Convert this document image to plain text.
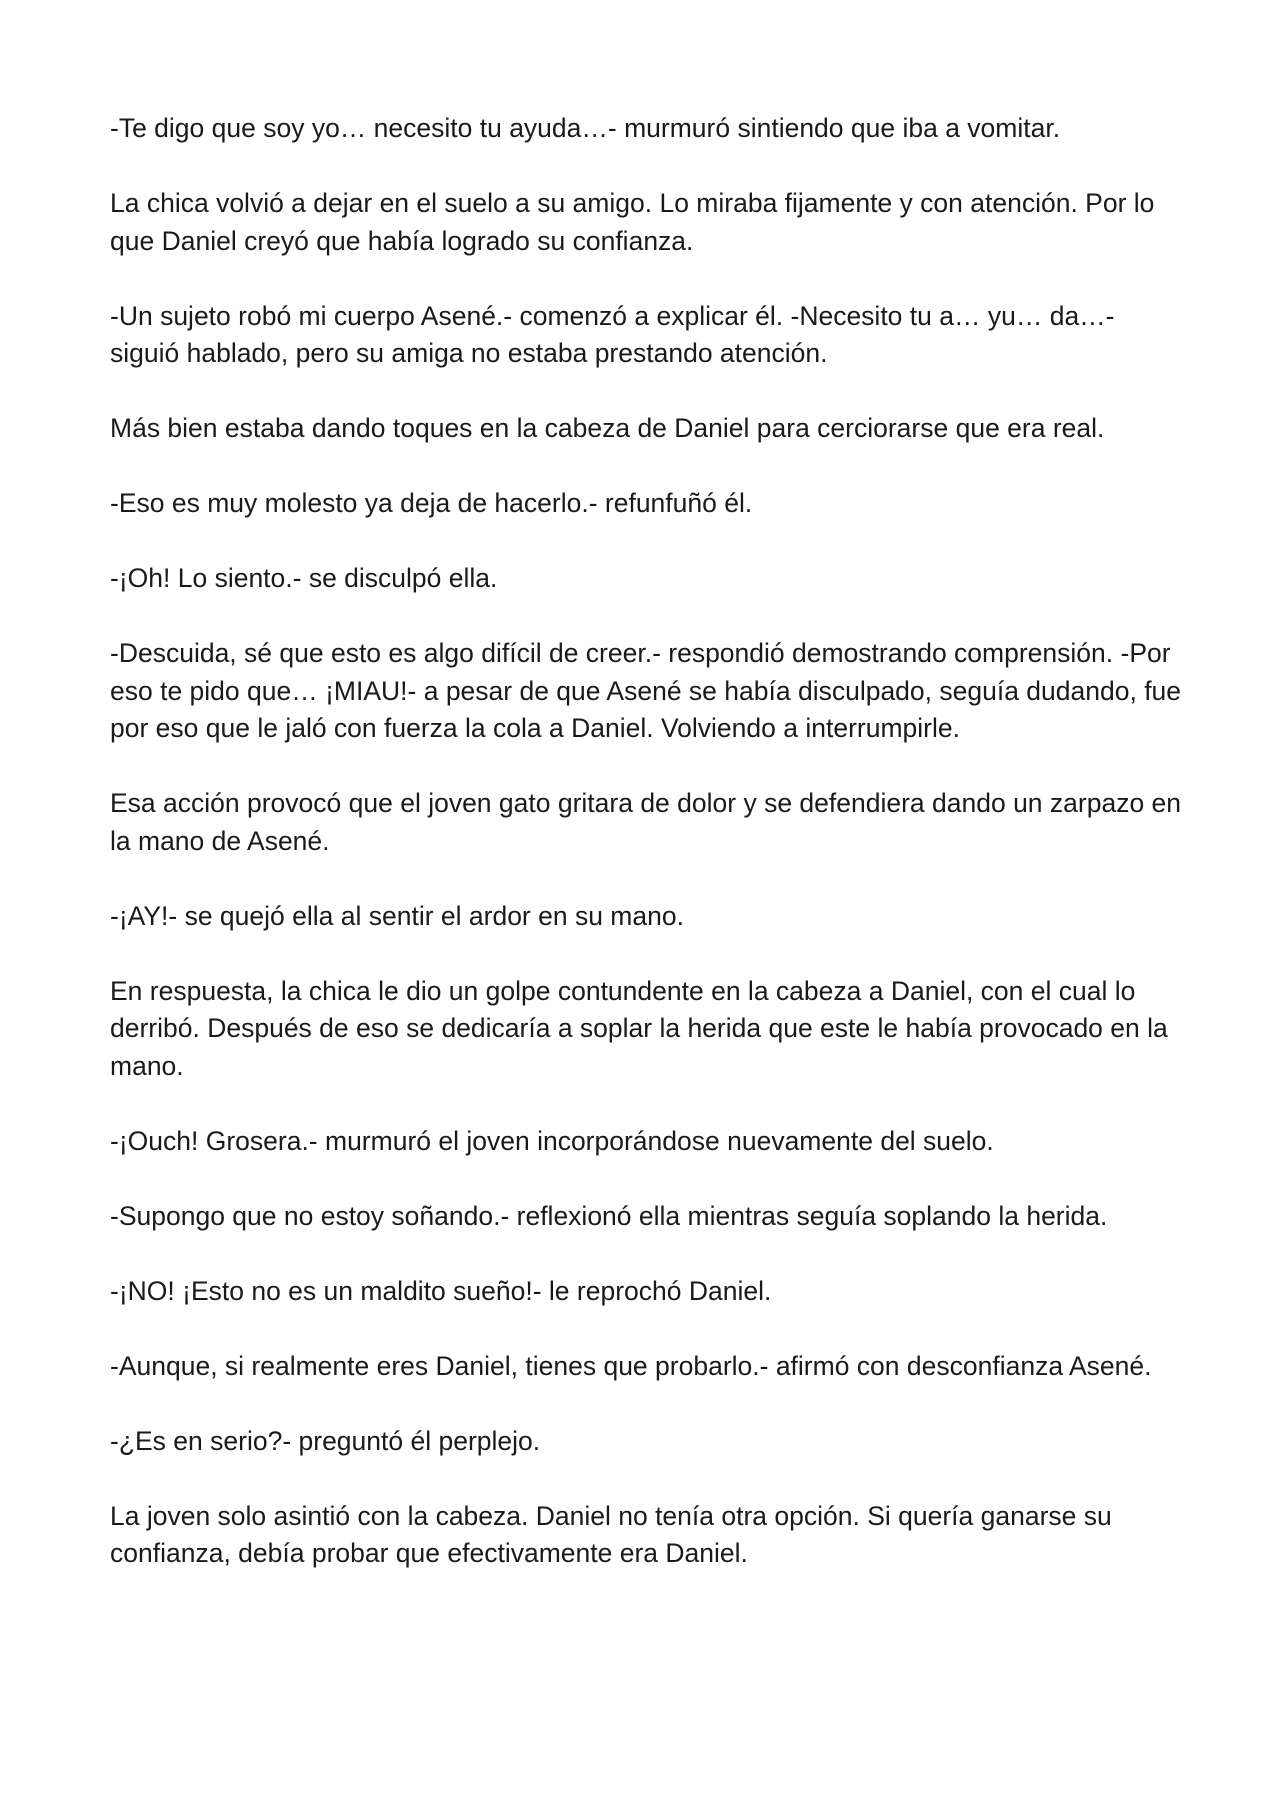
-Te digo que soy yo… necesito tu ayuda…- murmuró sintiendo que iba a vomitar.

La chica volvió a dejar en el suelo a su amigo. Lo miraba fijamente y con atención. Por lo que Daniel creyó que había logrado su confianza.

-Un sujeto robó mi cuerpo Asené.- comenzó a explicar él. -Necesito tu a… yu… da…- siguió hablado, pero su amiga no estaba prestando atención.

Más bien estaba dando toques en la cabeza de Daniel para cerciorarse que era real.

-Eso es muy molesto ya deja de hacerlo.- refunfuñó él.

-¡Oh! Lo siento.- se disculpó ella.

-Descuida, sé que esto es algo difícil de creer.- respondió demostrando comprensión. -Por eso te pido que… ¡MIAU!- a pesar de que Asené se había disculpado, seguía dudando, fue por eso que le jaló con fuerza la cola a Daniel. Volviendo a interrumpirle.

Esa acción provocó que el joven gato gritara de dolor y se defendiera dando un zarpazo en la mano de Asené.

-¡AY!- se quejó ella al sentir el ardor en su mano.

En respuesta, la chica le dio un golpe contundente en la cabeza a Daniel, con el cual lo derribó. Después de eso se dedicaría a soplar la herida que este le había provocado en la mano.

-¡Ouch! Grosera.- murmuró el joven incorporándose nuevamente del suelo.

-Supongo que no estoy soñando.- reflexionó ella mientras seguía soplando la herida.

-¡NO! ¡Esto no es un maldito sueño!- le reprochó Daniel.

-Aunque, si realmente eres Daniel, tienes que probarlo.- afirmó con desconfianza Asené.

-¿Es en serio?- preguntó él perplejo.

La joven solo asintió con la cabeza. Daniel no tenía otra opción. Si quería ganarse su confianza, debía probar que efectivamente era Daniel.
